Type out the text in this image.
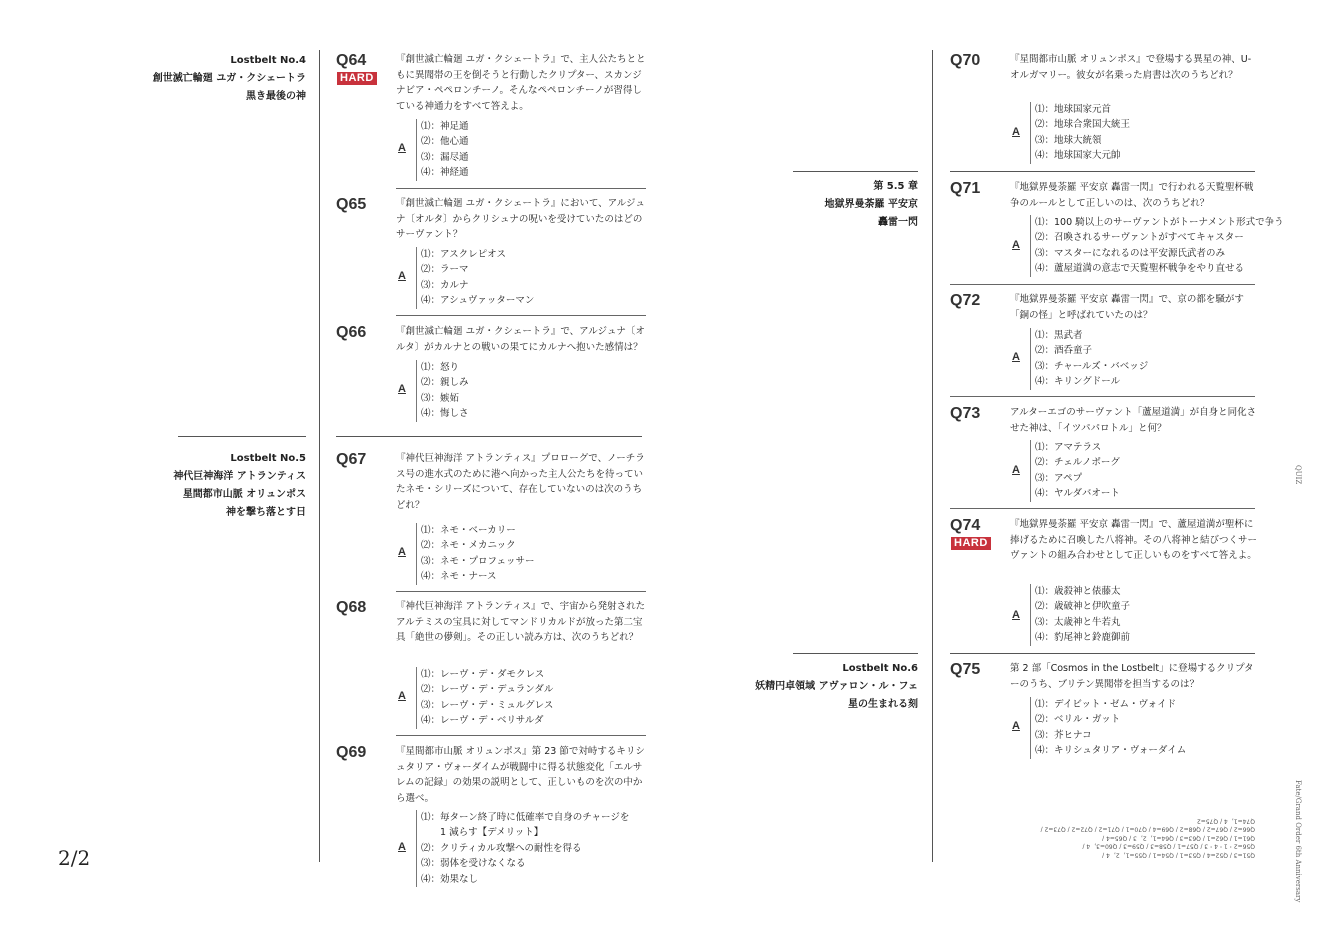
Lostbelt No.4
創世滅亡輪廻 ユガ・クシェートラ
黒き最後の神
Lostbelt No.5
神代巨神海洋 アトランティス
星間都市山脈 オリュンポス
神を撃ち落とす日
Q64
HARD
『創世滅亡輪廻 ユガ・クシェートラ』で、主人公たちとともに異聞帯の王を倒そうと行動したクリプター、スカンジナビア・ペペロンチーノ。そんなペペロンチーノが習得している神通力をすべて答えよ。
A
⑴：神足通
⑵：他心通
⑶：漏尽通
⑷：神経通
Q65	『創世滅亡輪廻 ユガ・クシェートラ』において、アルジュナ〔オルタ〕からクリシュナの呪いを受けていたのはどのサーヴァント？
A
⑴：アスクレピオス
⑵：ラーマ
⑶：カルナ
⑷：アシュヴァッターマン
Q66	『創世滅亡輪廻 ユガ・クシェートラ』で、アルジュナ〔オルタ〕がカルナとの戦いの果てにカルナへ抱いた感情は？
A
⑴：怒り
⑵：親しみ
⑶：嫉妬
⑷：悔しさ
Q67	『神代巨神海洋 アトランティス』プロローグで、ノーチラス号の進水式のために港へ向かった主人公たちを待っていたネモ・シリーズについて、存在していないのは次のうちどれ？
A
⑴：ネモ・ベーカリー
⑵：ネモ・メカニック
⑶：ネモ・プロフェッサー
⑷：ネモ・ナース
Q68	『神代巨神海洋 アトランティス』で、宇宙から発射されたアルテミスの宝具に対してマンドリカルドが放った第二宝具「絶世の儚剣」。その正しい読み方は、次のうちどれ？
A
⑴：レーヴ・デ・ダモクレス
⑵：レーヴ・デ・デュランダル
⑶：レーヴ・デ・ミュルグレス
⑷：レーヴ・デ・ベリサルダ
Q69	『星間都市山脈 オリュンポス』第 23 節で対峙するキリシュタリア・ヴォーダイムが戦闘中に得る状態変化「エルサレムの記録」の効果の説明として、正しいものを次の中から選べ。
A
⑴：毎ターン終了時に低確率で自身のチャージを
　　1 減らす【デメリット】
⑵：クリティカル攻撃への耐性を得る
⑶：弱体を受けなくなる
⑷：効果なし
2/2
第 5.5 章
地獄界曼荼羅 平安京
轟雷一閃
Lostbelt No.6
妖精円卓領域 アヴァロン・ル・フェ
星の生まれる刻
Q70	『星間都市山脈 オリュンポス』で登場する異星の神、U- オルガマリー。彼女が名乗った肩書は次のうちどれ？
A
⑴：地球国家元首
⑵：地球合衆国大統王
⑶：地球大統領
⑷：地球国家大元帥
Q71	『地獄界曼荼羅 平安京 轟雷一閃』で行われる天覧聖杯戦争のルールとして正しいのは、次のうちどれ？
A
⑴：100 騎以上のサーヴァントがトーナメント形式で争う
⑵：召喚されるサーヴァントがすべてキャスター
⑶：マスターになれるのは平安源氏武者のみ
⑷：蘆屋道満の意志で天覧聖杯戦争をやり直せる
Q72	『地獄界曼荼羅 平安京 轟雷一閃』で、京の都を騒がす「銅の怪」と呼ばれていたのは？
A
⑴：黒武者
⑵：酒呑童子
⑶：チャールズ・バベッジ
⑷：キリングドール
Q73	アルターエゴのサーヴァント「蘆屋道満」が自身と同化させた神は、「イツパパロトル」と何？
A
⑴：アマテラス
⑵：チェルノボーグ
⑶：アペプ
⑷：ヤルダバオート
Q74
HARD
『地獄界曼荼羅 平安京 轟雷一閃』で、蘆屋道満が聖杯に捧げるために召喚した八将神。その八将神と結びつくサーヴァントの組み合わせとして正しいものをすべて答えよ。
A
⑴：歳殺神と俵藤太
⑵：歳破神と伊吹童子
⑶：太歳神と牛若丸
⑷：豹尾神と鈴鹿御前
Q75	第 2 部「Cosmos in the Lostbelt」に登場するクリプターのうち、ブリテン異聞帯を担当するのは？
A
⑴：デイビット・ゼム・ヴォイド
⑵：ベリル・ガット
⑶：芥ヒナコ
⑷：キリシュタリア・ヴォーダイム
Q51=3 / Q52=4 / Q53=1 / Q54=1 / Q55=1，2，4 /
Q56=2・1・4・3 / Q57=1 / Q58=3 / Q59=3 / Q60=3，4 /
Q61=1 / Q62=1 / Q63=3 / Q64=1，2，3 / Q65=4 /
Q66=2 / Q67=2 / Q68=2 / Q69=4 / Q70=1 / Q71=2 / Q72=2 / Q73=2 /
Q74=1，4 / Q75=2
QUIZ
Fate/Grand Order 6th Anniversary
